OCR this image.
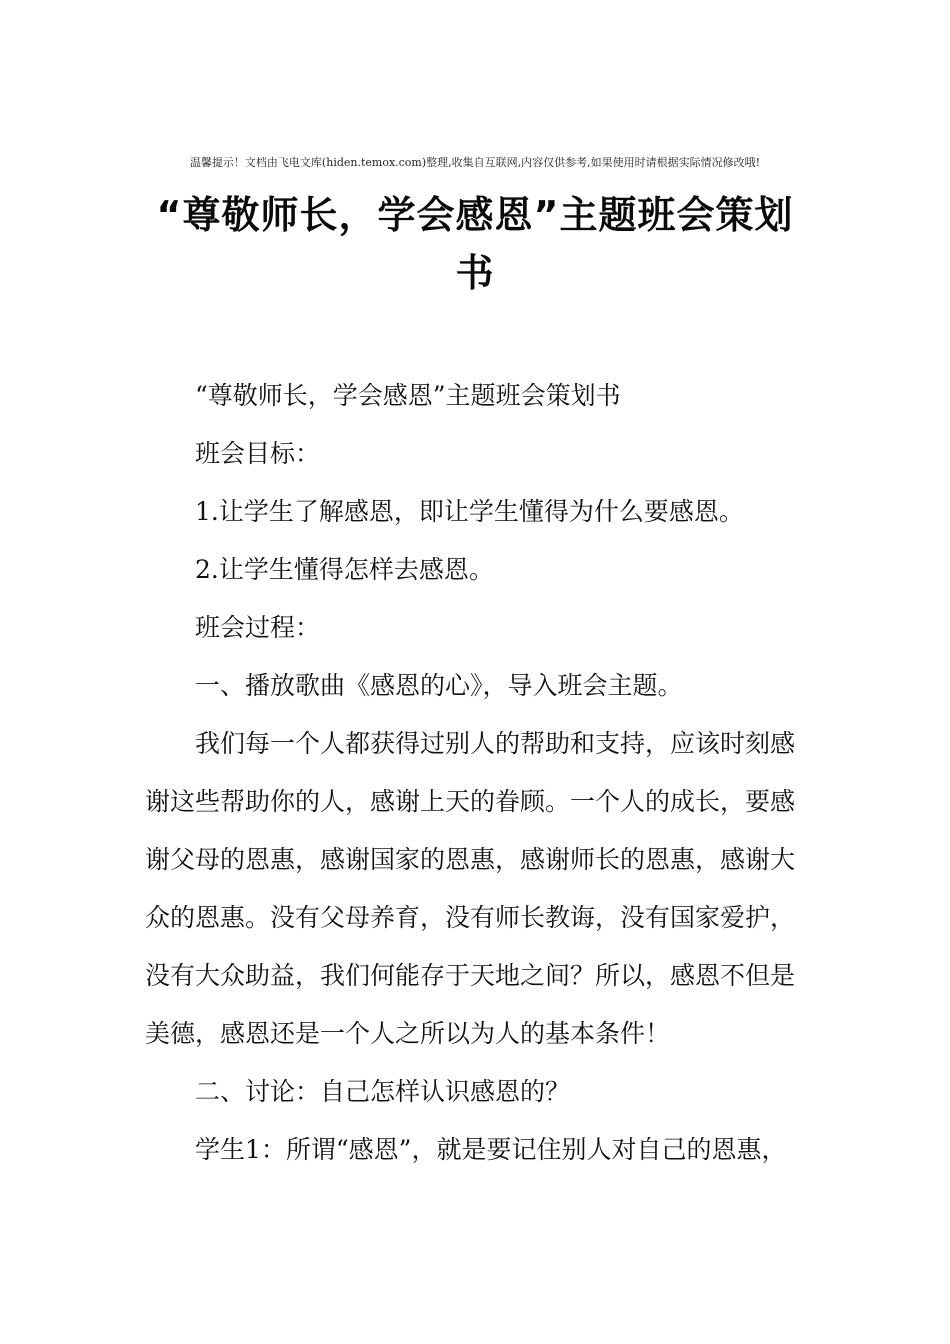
温馨提示！文档由飞电文库(hiden.temox.com)整理,收集自互联网,内容仅供参考,如果使用时请根据实际情况修改哦!
“尊敬师长，学会感恩”主题班会策划书

“尊敬师长，学会感恩”主题班会策划书

班会目标：

1.让学生了解感恩，即让学生懂得为什么要感恩。

2.让学生懂得怎样去感恩。

班会过程：

一、播放歌曲《感恩的心》，导入班会主题。

我们每一个人都获得过别人的帮助和支持，应该时刻感谢这些帮助你的人，感谢上天的眷顾。一个人的成长，要感谢父母的恩惠，感谢国家的恩惠，感谢师长的恩惠，感谢大众的恩惠。没有父母养育，没有师长教诲，没有国家爱护，没有大众助益，我们何能存于天地之间？所以，感恩不但是美德，感恩还是一个人之所以为人的基本条件！

二、讨论：自己怎样认识感恩的？

学生1：所谓“感恩”，就是要记住别人对自己的恩惠，
